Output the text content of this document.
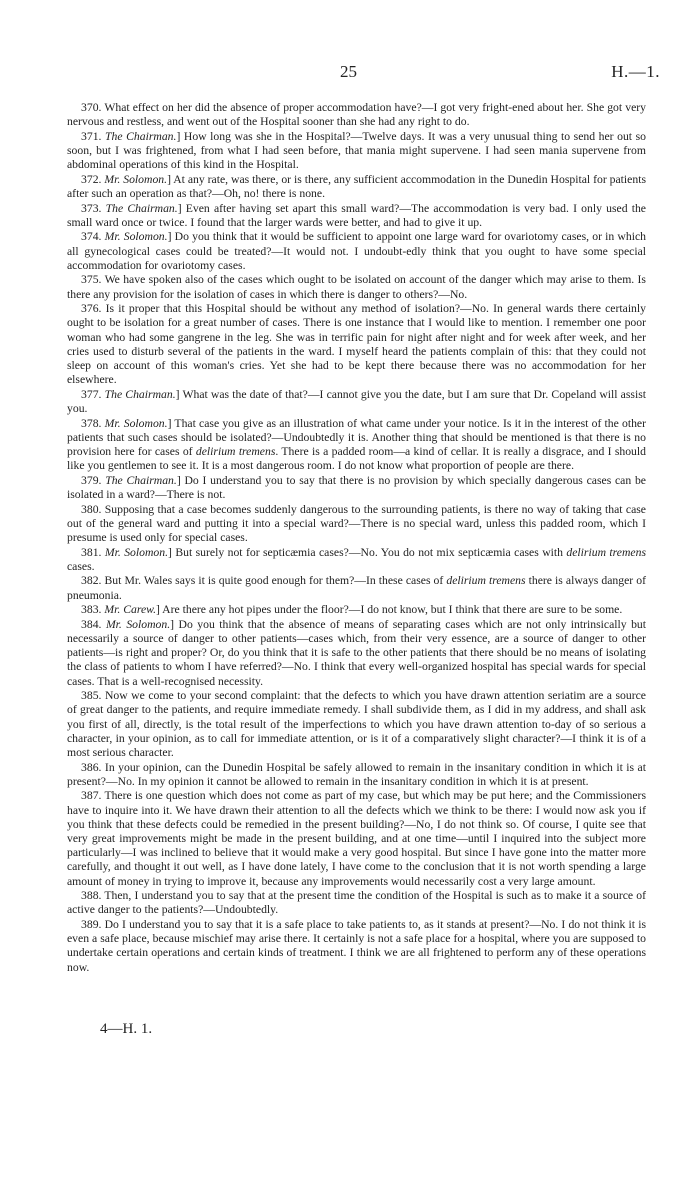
25	H.—1.

370. What effect on her did the absence of proper accommodation have?—I got very fright-ened about her. She got very nervous and restless, and went out of the Hospital sooner than she had any right to do.

371. The Chairman.] How long was she in the Hospital?—Twelve days. It was a very unusual thing to send her out so soon, but I was frightened, from what I had seen before, that mania might supervene. I had seen mania supervene from abdominal operations of this kind in the Hospital.

372. Mr. Solomon.] At any rate, was there, or is there, any sufficient accommodation in the Dunedin Hospital for patients after such an operation as that?—Oh, no! there is none.

373. The Chairman.] Even after having set apart this small ward?—The accommodation is very bad. I only used the small ward once or twice. I found that the larger wards were better, and had to give it up.

374. Mr. Solomon.] Do you think that it would be sufficient to appoint one large ward for ovariotomy cases, or in which all gynecological cases could be treated?—It would not. I undoubt-edly think that you ought to have some special accommodation for ovariotomy cases.

375. We have spoken also of the cases which ought to be isolated on account of the danger which may arise to them. Is there any provision for the isolation of cases in which there is danger to others?—No.

376. Is it proper that this Hospital should be without any method of isolation?—No. In general wards there certainly ought to be isolation for a great number of cases. There is one instance that I would like to mention. I remember one poor woman who had some gangrene in the leg. She was in terrific pain for night after night and for week after week, and her cries used to disturb several of the patients in the ward. I myself heard the patients complain of this: that they could not sleep on account of this woman's cries. Yet she had to be kept there because there was no accommodation for her elsewhere.

377. The Chairman.] What was the date of that?—I cannot give you the date, but I am sure that Dr. Copeland will assist you.

378. Mr. Solomon.] That case you give as an illustration of what came under your notice. Is it in the interest of the other patients that such cases should be isolated?—Undoubtedly it is. Another thing that should be mentioned is that there is no provision here for cases of delirium tremens. There is a padded room—a kind of cellar. It is really a disgrace, and I should like you gentlemen to see it. It is a most dangerous room. I do not know what proportion of people are there.

379. The Chairman.] Do I understand you to say that there is no provision by which specially dangerous cases can be isolated in a ward?—There is not.

380. Supposing that a case becomes suddenly dangerous to the surrounding patients, is there no way of taking that case out of the general ward and putting it into a special ward?—There is no special ward, unless this padded room, which I presume is used only for special cases.

381. Mr. Solomon.] But surely not for septicæmia cases?—No. You do not mix septicæmia cases with delirium tremens cases.

382. But Mr. Wales says it is quite good enough for them?—In these cases of delirium tremens there is always danger of pneumonia.

383. Mr. Carew.] Are there any hot pipes under the floor?—I do not know, but I think that there are sure to be some.

384. Mr. Solomon.] Do you think that the absence of means of separating cases which are not only intrinsically but necessarily a source of danger to other patients—cases which, from their very essence, are a source of danger to other patients—is right and proper? Or, do you think that it is safe to the other patients that there should be no means of isolating the class of patients to whom I have referred?—No. I think that every well-organized hospital has special wards for special cases. That is a well-recognised necessity.

385. Now we come to your second complaint: that the defects to which you have drawn attention seriatim are a source of great danger to the patients, and require immediate remedy. I shall subdivide them, as I did in my address, and shall ask you first of all, directly, is the total result of the imperfections to which you have drawn attention to-day of so serious a character, in your opinion, as to call for immediate attention, or is it of a comparatively slight character?—I think it is of a most serious character.

386. In your opinion, can the Dunedin Hospital be safely allowed to remain in the insanitary condition in which it is at present?—No. In my opinion it cannot be allowed to remain in the insanitary condition in which it is at present.

387. There is one question which does not come as part of my case, but which may be put here; and the Commissioners have to inquire into it. We have drawn their attention to all the defects which we think to be there: I would now ask you if you think that these defects could be remedied in the present building?—No, I do not think so. Of course, I quite see that very great improvements might be made in the present building, and at one time—until I inquired into the subject more particularly—I was inclined to believe that it would make a very good hospital. But since I have gone into the matter more carefully, and thought it out well, as I have done lately, I have come to the conclusion that it is not worth spending a large amount of money in trying to improve it, because any improvements would necessarily cost a very large amount.

388. Then, I understand you to say that at the present time the condition of the Hospital is such as to make it a source of active danger to the patients?—Undoubtedly.

389. Do I understand you to say that it is a safe place to take patients to, as it stands at present?—No. I do not think it is even a safe place, because mischief may arise there. It certainly is not a safe place for a hospital, where you are supposed to undertake certain operations and certain kinds of treatment. I think we are all frightened to perform any of these operations now.

4—H. 1.
